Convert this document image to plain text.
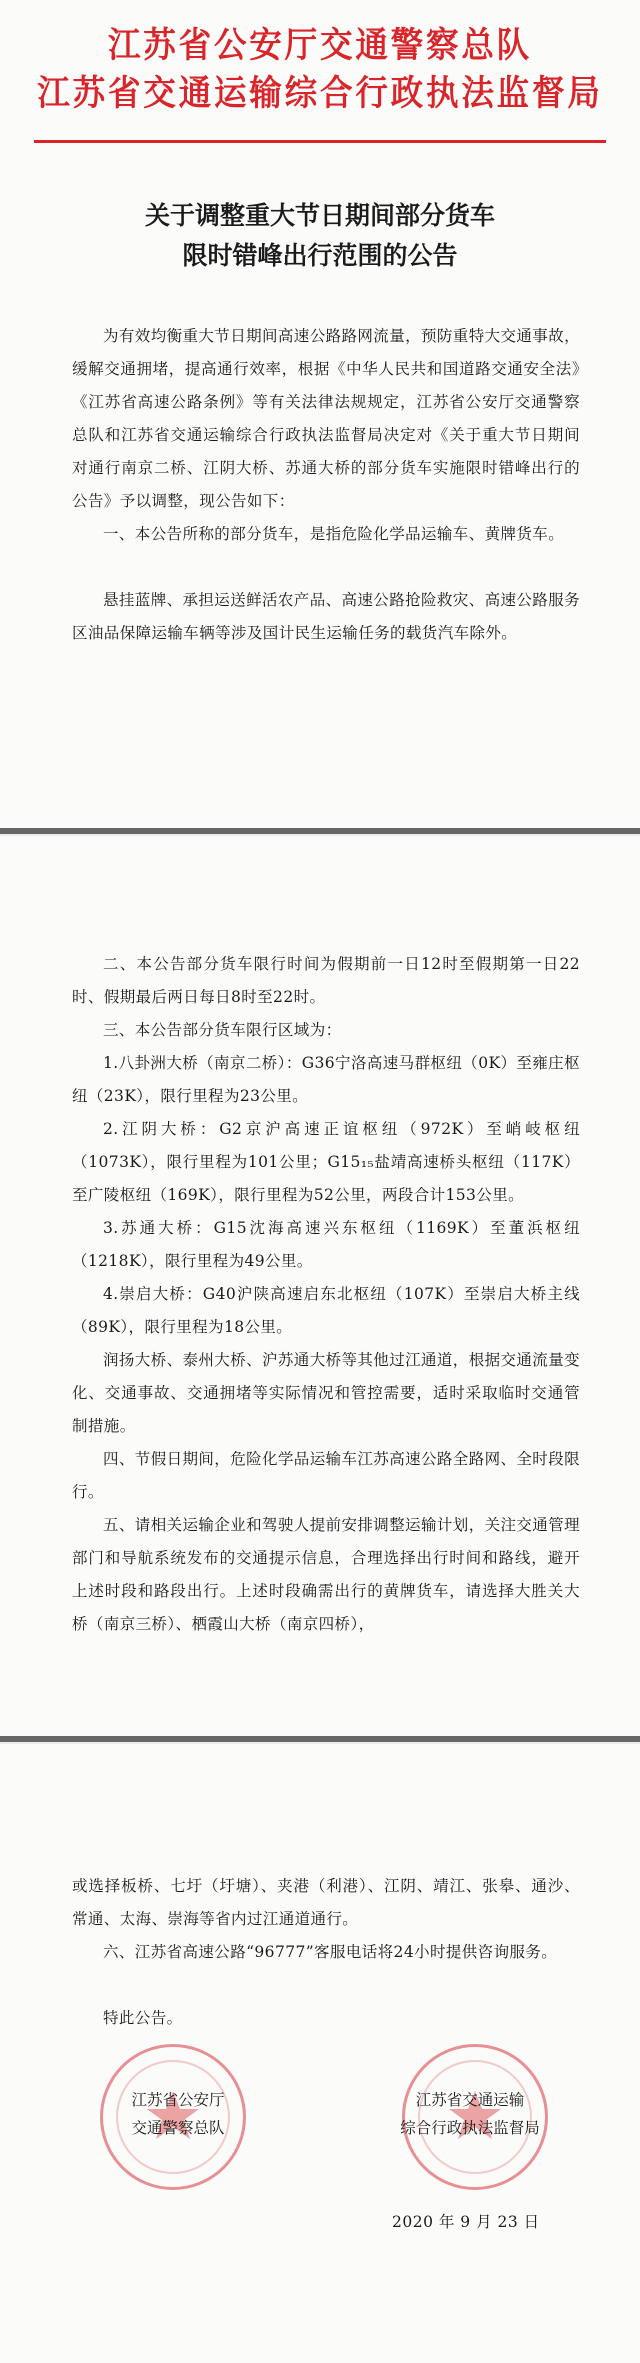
江苏省公安厅交通警察总队
江苏省交通运输综合行政执法监督局
关于调整重大节日期间部分货车
限时错峰出行范围的公告

为有效均衡重大节日期间高速公路路网流量，预防重特大交通事故，缓解交通拥堵，提高通行效率，根据《中华人民共和国道路交通安全法》《江苏省高速公路条例》等有关法律法规规定，江苏省公安厅交通警察总队和江苏省交通运输综合行政执法监督局决定对《关于重大节日期间对通行南京二桥、江阴大桥、苏通大桥的部分货车实施限时错峰出行的公告》予以调整，现公告如下：

一、本公告所称的部分货车，是指危险化学品运输车、黄牌货车。

悬挂蓝牌、承担运送鲜活农产品、高速公路抢险救灾、高速公路服务区油品保障运输车辆等涉及国计民生运输任务的载货汽车除外。

二、本公告部分货车限行时间为假期前一日12时至假期第一日22时、假期最后两日每日8时至22时。

三、本公告部分货车限行区域为：

1.八卦洲大桥（南京二桥）：G36宁洛高速马群枢纽（0K）至雍庄枢纽（23K），限行里程为23公里。

2.江阴大桥：G2京沪高速正谊枢纽（972K）至峭岐枢纽（1073K），限行里程为101公里；G15₁₅盐靖高速桥头枢纽（117K）至广陵枢纽（169K），限行里程为52公里，两段合计153公里。

3.苏通大桥：G15沈海高速兴东枢纽（1169K）至董浜枢纽（1218K），限行里程为49公里。

4.崇启大桥：G40沪陕高速启东北枢纽（107K）至崇启大桥主线（89K），限行里程为18公里。

润扬大桥、泰州大桥、沪苏通大桥等其他过江通道，根据交通流量变化、交通事故、交通拥堵等实际情况和管控需要，适时采取临时交通管制措施。

四、节假日期间，危险化学品运输车江苏高速公路全路网、全时段限行。

五、请相关运输企业和驾驶人提前安排调整运输计划，关注交通管理部门和导航系统发布的交通提示信息，合理选择出行时间和路线，避开上述时段和路段出行。上述时段确需出行的黄牌货车，请选择大胜关大桥（南京三桥）、栖霞山大桥（南京四桥），

或选择板桥、七圩（圩塘）、夹港（利港）、江阴、靖江、张皋、通沙、常通、太海、崇海等省内过江通道通行。

六、江苏省高速公路“96777”客服电话将24小时提供咨询服务。

特此公告。

江苏省公安厅
交通警察总队
江苏省交通运输
综合行政执法监督局
2020 年 9 月 23 日
